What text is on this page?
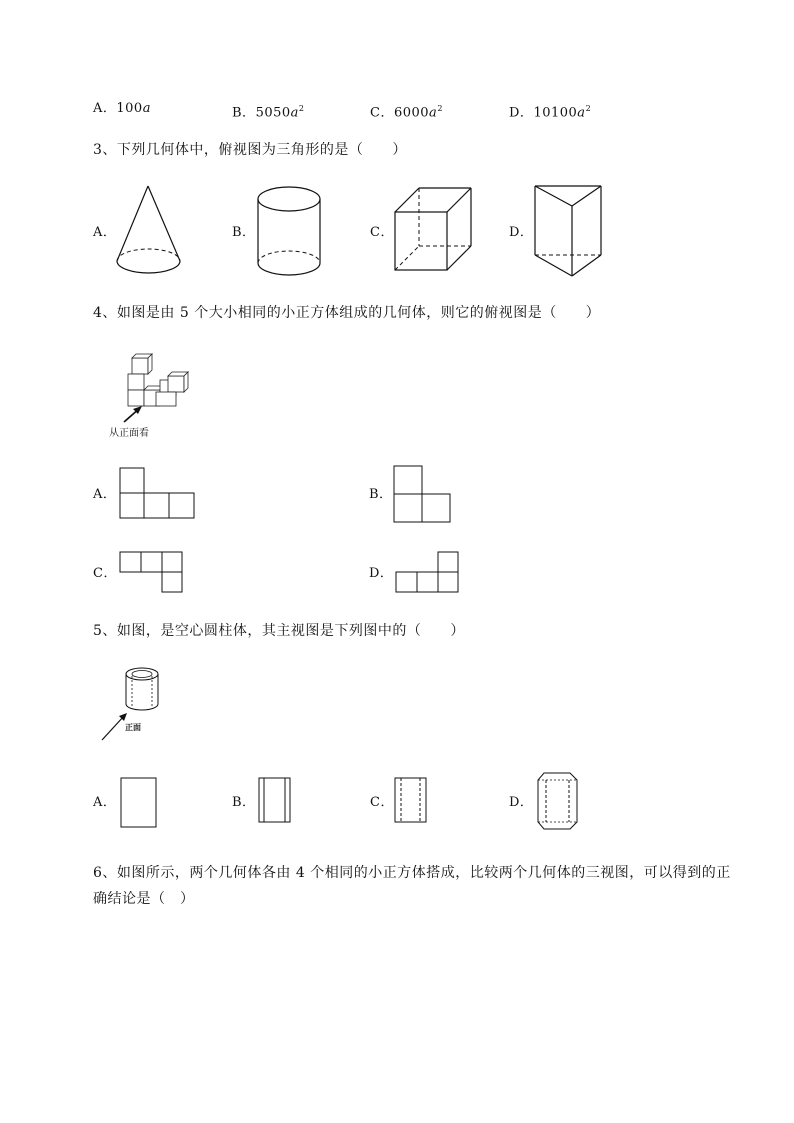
A．100a	B．$5050a^2$	C．$6000a^2$	D．$10100a^2$
3、下列几何体中，俯视图为三角形的是（　　）
A．	B．	C．	D．
4、如图是由 5 个大小相同的小正方体组成的几何体，则它的俯视图是（　　）
从正面看
A．	B．
C．	D．
5、如图，是空心圆柱体，其主视图是下列图中的（　　）
正面
A．	B．	C．	D．
6、如图所示，两个几何体各由 4 个相同的小正方体搭成，比较两个几何体的三视图，可以得到的正
确结论是（　）
